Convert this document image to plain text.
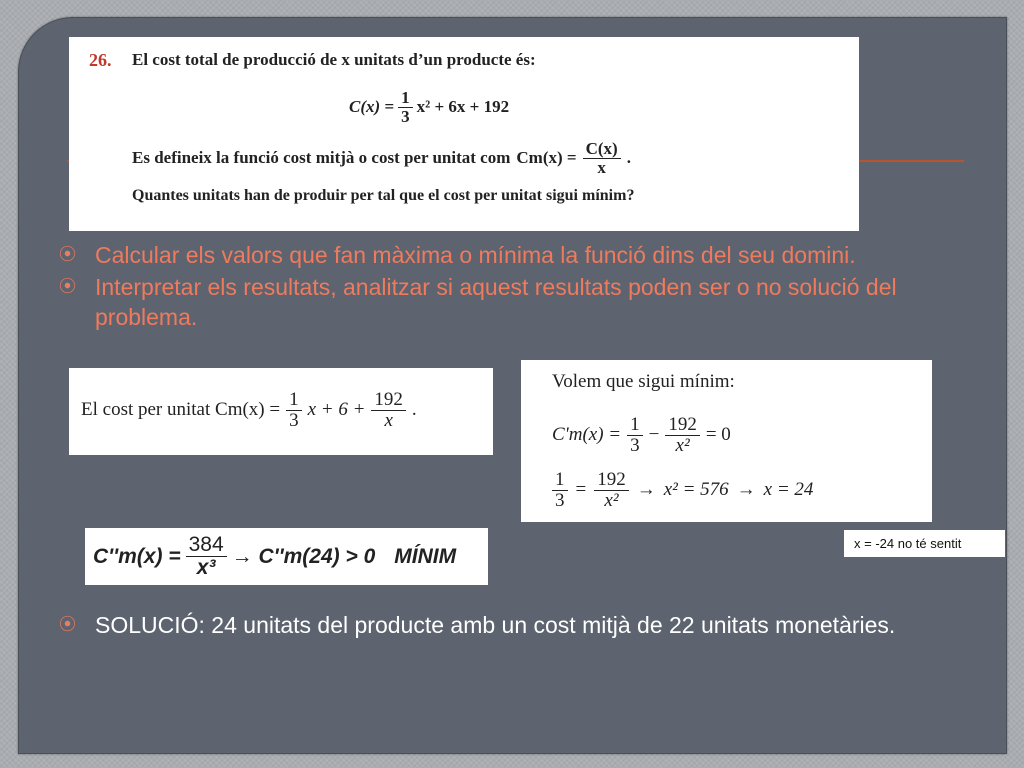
26. El cost total de producció de x unitats d’un producte és:
$C(x) = \frac{1}{3} x^2 + 6x + 192$
Es defineix la funció cost mitjà o cost per unitat com $Cm(x) = \frac{C(x)}{x}$ .
Quantes unitats han de produir per tal que el cost per unitat sigui mínim?
⦿ Calcular els valors que fan màxima o mínima la funció dins del seu domini.
⦿ Interpretar els resultats, analitzar si aquest resultats poden ser o no solució del problema.
El cost per unitat $Cm(x) = \frac{1}{3}$ $x + 6 + \frac{192}{x}$ .
Volem que sigui mínim:
$C'm(x) = \frac{1}{3} - \frac{192}{\text{x²}} = 0$
$\frac{1}{3} = \frac{192}{\text{x²}} \to x^2 = 576 \to x = 24$
$C''m(x) = \frac{384}{\text{x³}} \to C''m(24) > 0$ MÍNIM
x = -24 no té sentit
⦿ SOLUCIÓ: 24 unitats del producte amb un cost mitjà de 22 unitats monetàries.
